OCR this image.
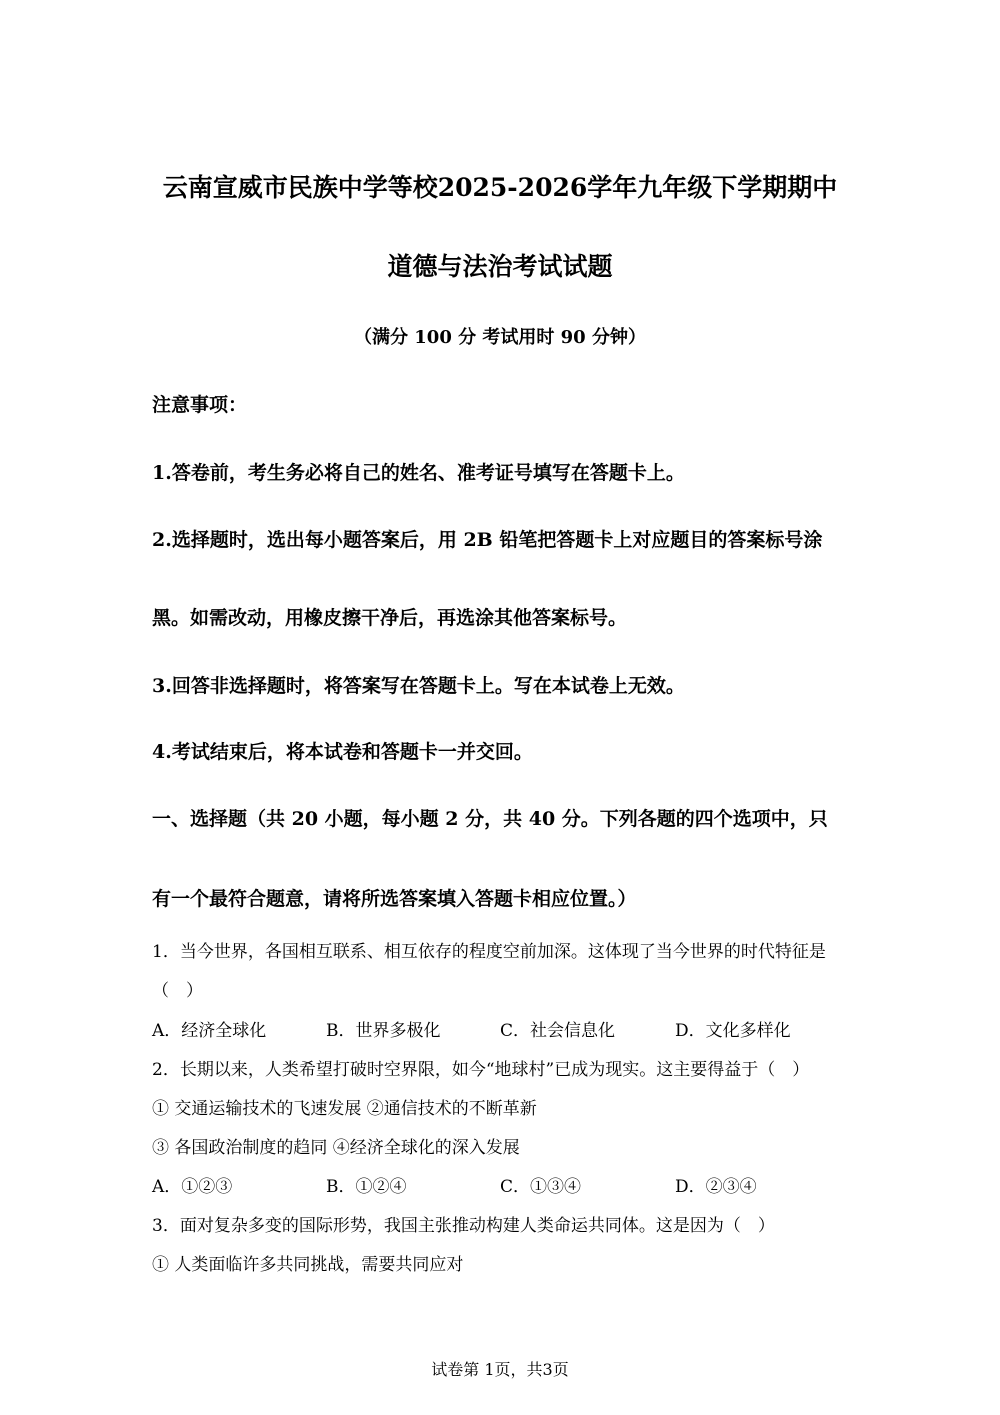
云南宣威市民族中学等校2025-2026学年九年级下学期期中
道德与法治考试试题
（满分 100 分 考试用时 90 分钟）
注意事项：
1.答卷前，考生务必将自己的姓名、准考证号填写在答题卡上。
2.选择题时，选出每小题答案后，用 2B 铅笔把答题卡上对应题目的答案标号涂
黑。如需改动，用橡皮擦干净后，再选涂其他答案标号。
3.回答非选择题时，将答案写在答题卡上。写在本试卷上无效。
4.考试结束后，将本试卷和答题卡一并交回。
一、选择题（共 20 小题，每小题 2 分，共 40 分。下列各题的四个选项中，只
有一个最符合题意，请将所选答案填入答题卡相应位置。）
1．当今世界，各国相互联系、相互依存的程度空前加深。这体现了当今世界的时代特征是
（　）
A．经济全球化	B．世界多极化	C．社会信息化	D．文化多样化
2．长期以来，人类希望打破时空界限，如今“地球村”已成为现实。这主要得益于（　）
① 交通运输技术的飞速发展 ②通信技术的不断革新
③ 各国政治制度的趋同 ④经济全球化的深入发展
A．①②③	B．①②④	C．①③④	D．②③④
3．面对复杂多变的国际形势，我国主张推动构建人类命运共同体。这是因为（　）
① 人类面临许多共同挑战，需要共同应对
试卷第 1页，共3页
